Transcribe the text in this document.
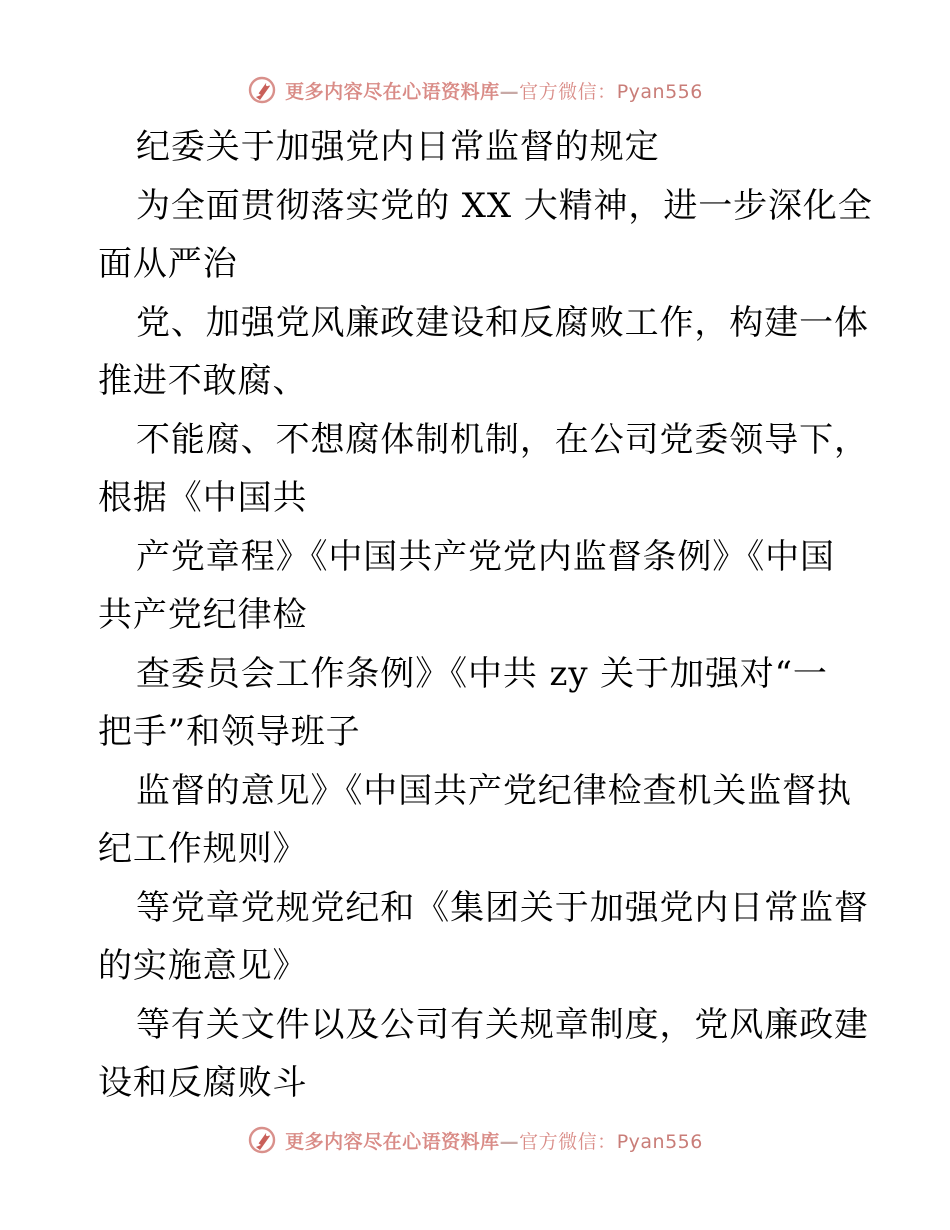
更多内容尽在心语资料库—官方微信：Pyan556
纪委关于加强党内日常监督的规定
为全面贯彻落实党的 XX 大精神，进一步深化全
面从严治
党、加强党风廉政建设和反腐败工作，构建一体
推进不敢腐、
不能腐、不想腐体制机制，在公司党委领导下，
根据《中国共
产党章程》《中国共产党党内监督条例》《中国
共产党纪律检
查委员会工作条例》《中共 zy 关于加强对“一
把手”和领导班子
监督的意见》《中国共产党纪律检查机关监督执
纪工作规则》
等党章党规党纪和《集团关于加强党内日常监督
的实施意见》
等有关文件以及公司有关规章制度，党风廉政建
设和反腐败斗
更多内容尽在心语资料库—官方微信：Pyan556
